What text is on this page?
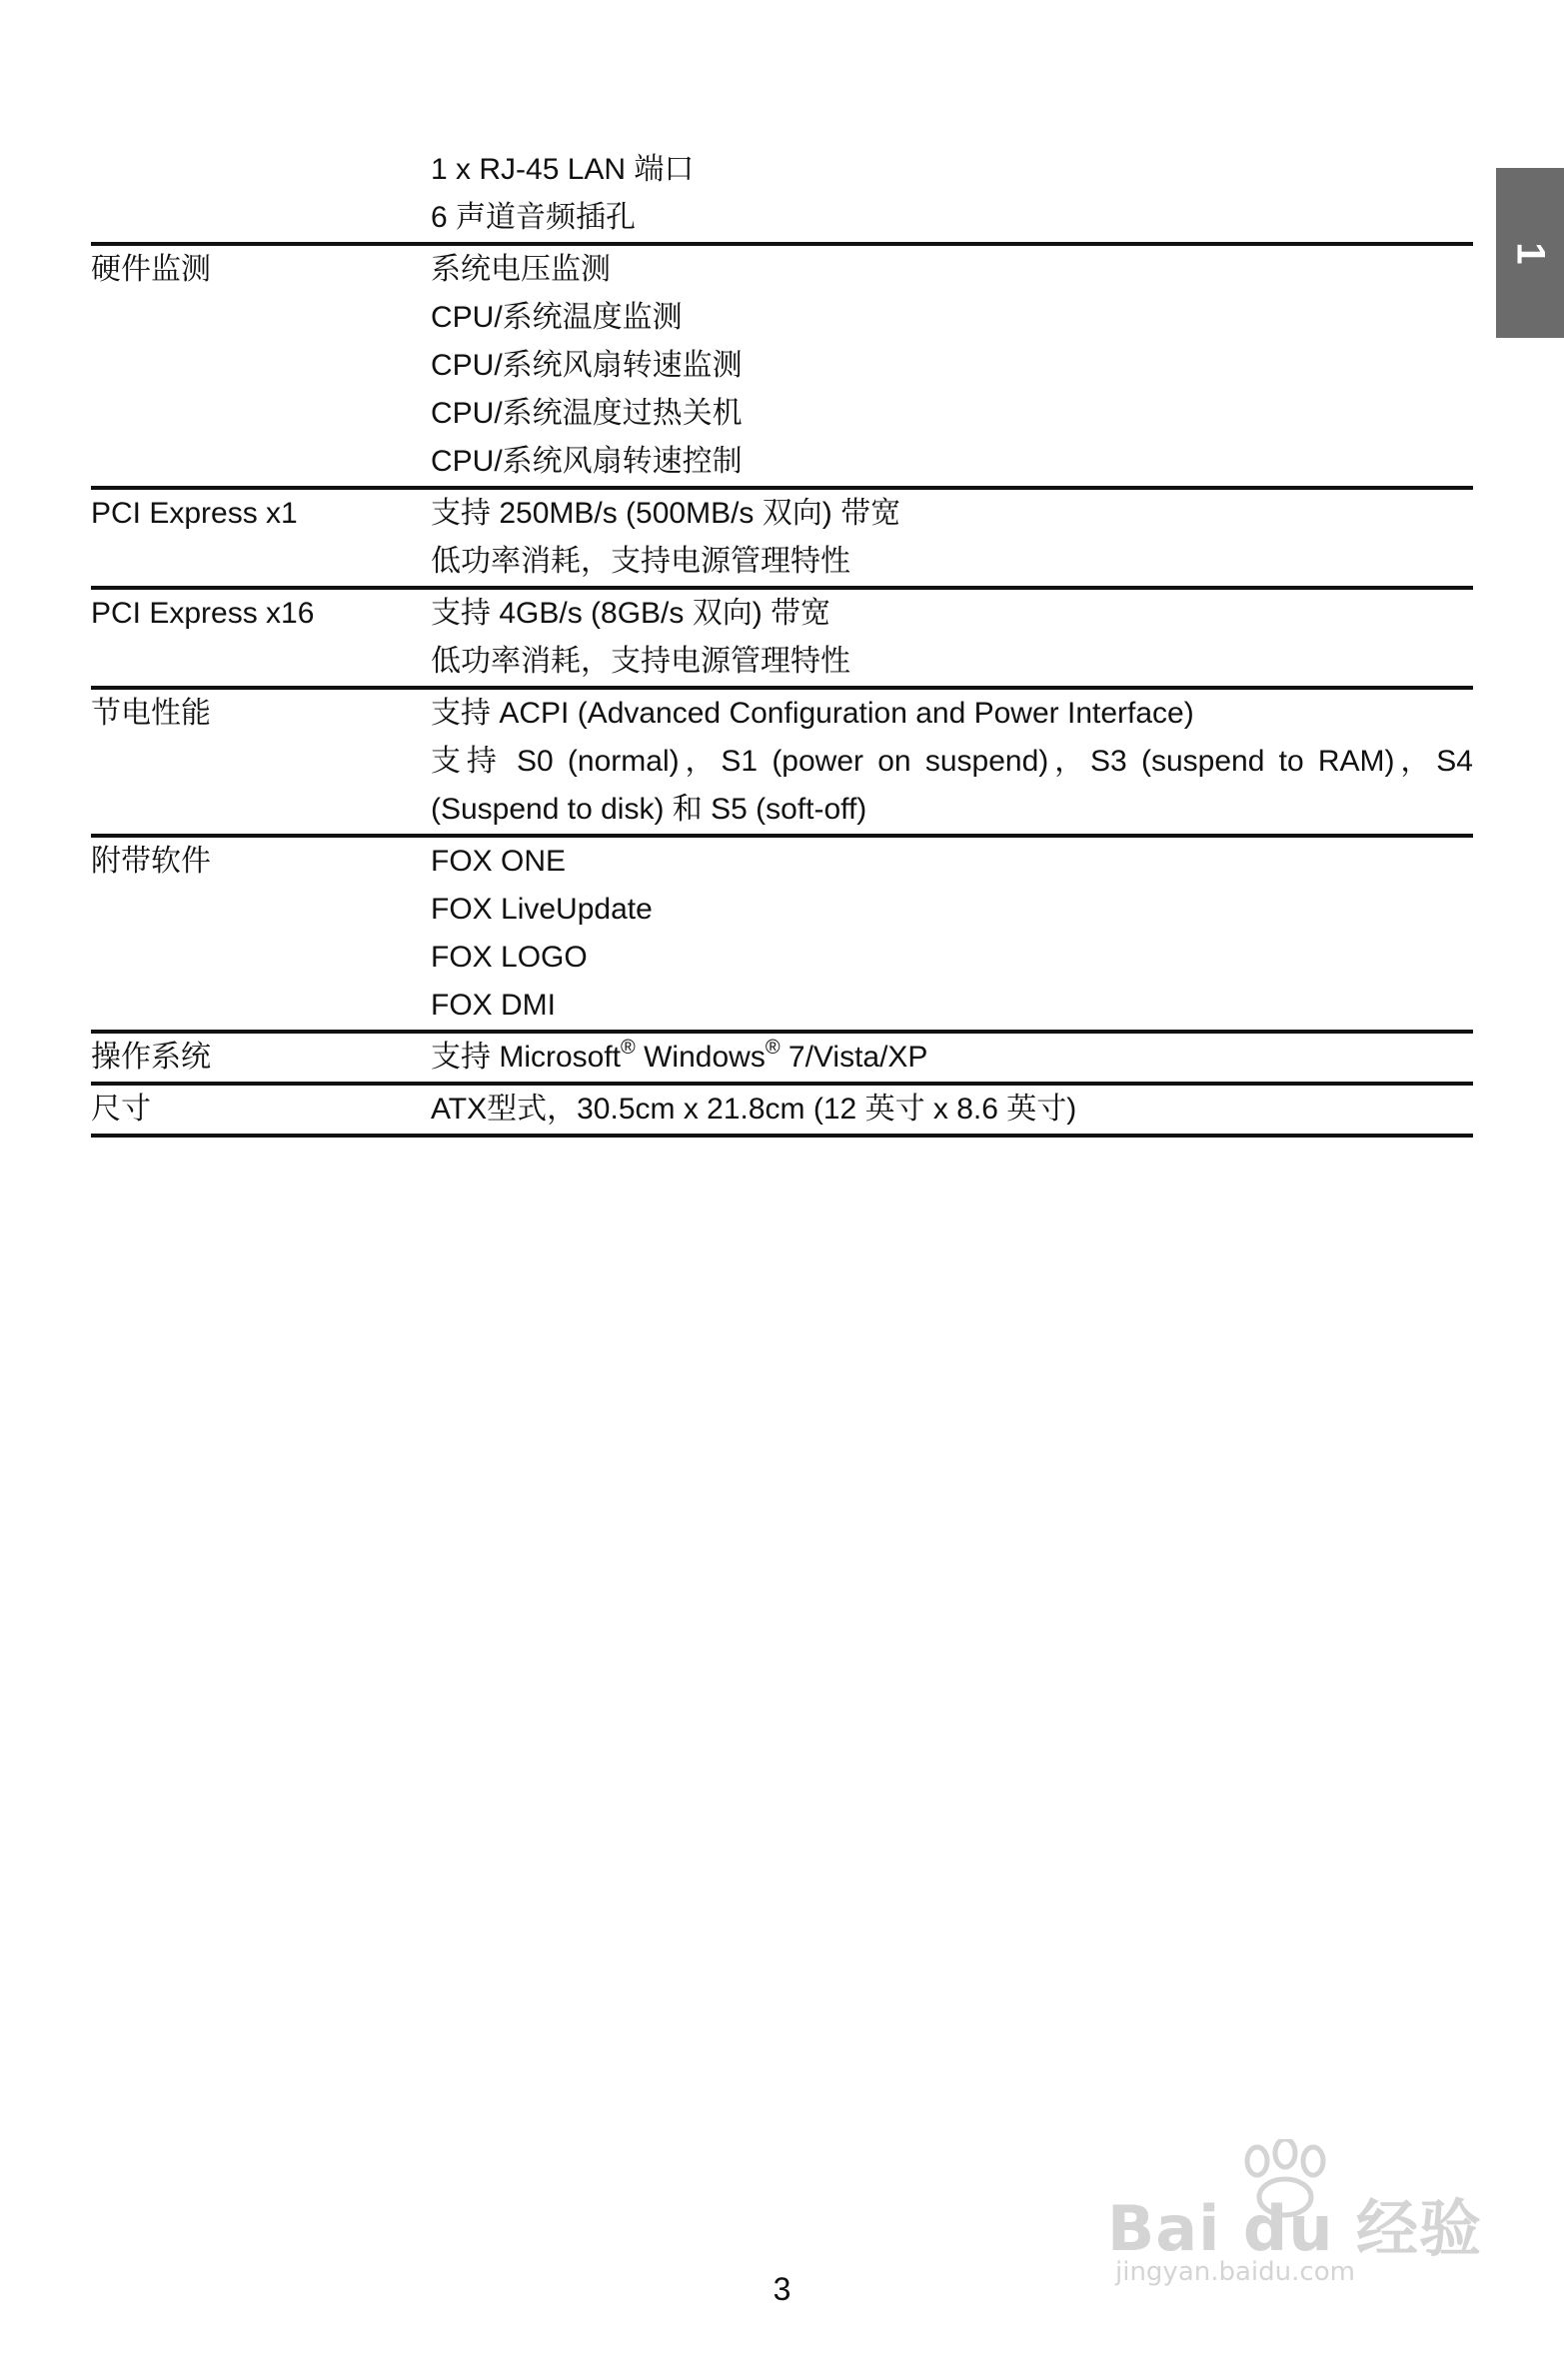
1
1 x RJ-45 LAN 端口
6 声道音频插孔
硬件监测	系统电压监测
CPU/系统温度监测
CPU/系统风扇转速监测
CPU/系统温度过热关机
CPU/系统风扇转速控制
PCI Express x1	支持 250MB/s (500MB/s 双向) 带宽
低功率消耗，支持电源管理特性
PCI Express x16	支持 4GB/s (8GB/s 双向) 带宽
低功率消耗，支持电源管理特性
节电性能	支持 ACPI (Advanced Configuration and Power Interface)
支持 S0 (normal)，S1 (power on suspend)，S3 (suspend to RAM)，S4 (Suspend to disk) 和 S5 (soft-off)
附带软件	FOX ONE
FOX LiveUpdate
FOX LOGO
FOX DMI
操作系统	支持 Microsoft® Windows® 7/Vista/XP
尺寸	ATX型式，30.5cm x 21.8cm (12 英寸 x 8.6 英寸)
Bai du 经验
jingyan.baidu.com
3
